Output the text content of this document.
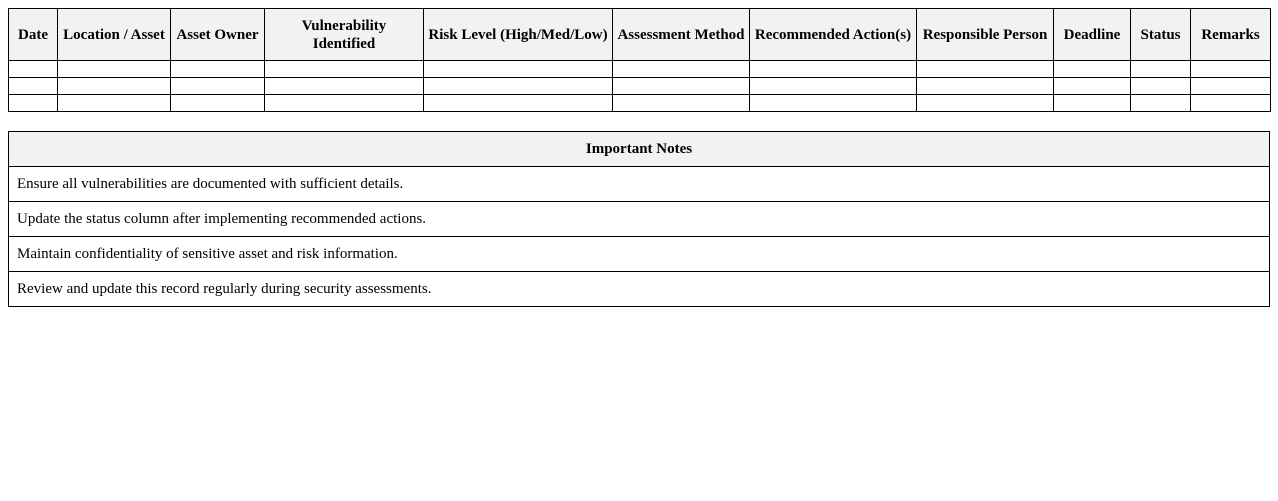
Date	Location / Asset	Asset Owner	Vulnerability Identified	Risk Level (High/Med/Low)	Assessment Method	Recommended Action(s)	Responsible Person	Deadline	Status	Remarks

Important Notes
Ensure all vulnerabilities are documented with sufficient details.
Update the status column after implementing recommended actions.
Maintain confidentiality of sensitive asset and risk information.
Review and update this record regularly during security assessments.
